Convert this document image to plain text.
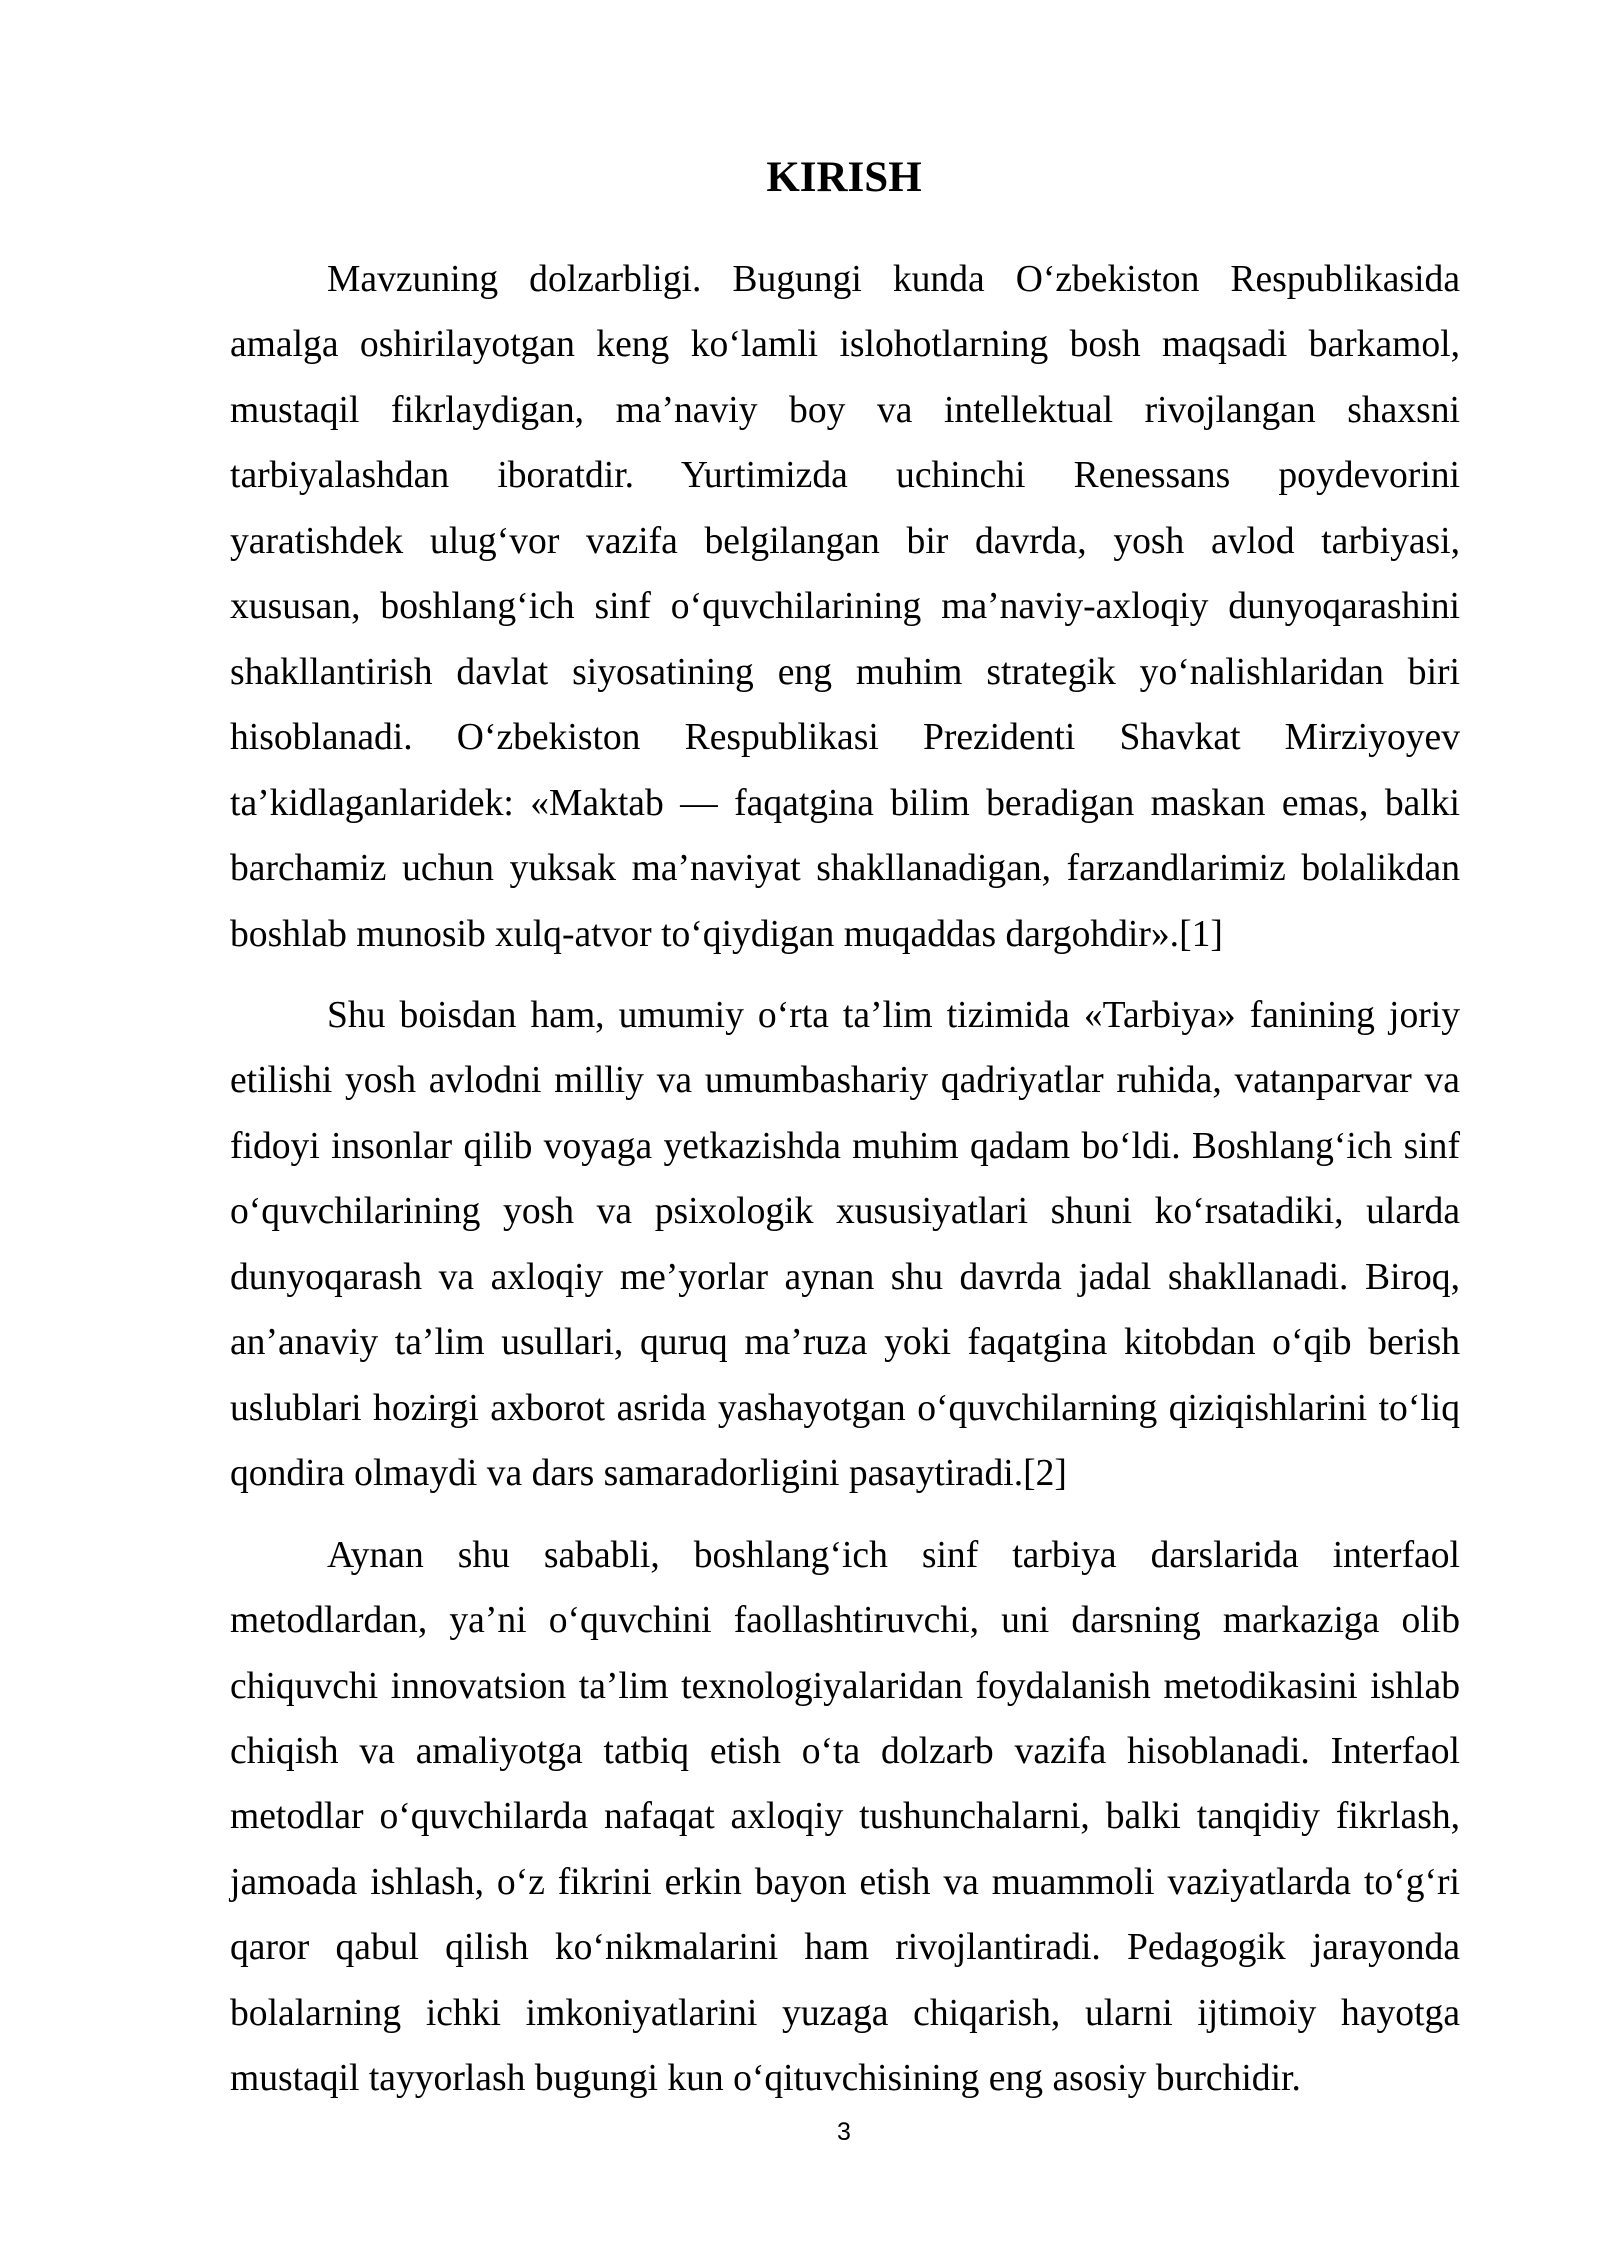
KIRISH
Mavzuning dolzarbligi. Bugungi kunda O‘zbekiston Respublikasida
amalga oshirilayotgan keng ko‘lamli islohotlarning bosh maqsadi barkamol,
mustaqil fikrlaydigan, ma’naviy boy va intellektual rivojlangan shaxsni
tarbiyalashdan iboratdir. Yurtimizda uchinchi Renessans poydevorini
yaratishdek ulug‘vor vazifa belgilangan bir davrda, yosh avlod tarbiyasi,
xususan, boshlang‘ich sinf o‘quvchilarining ma’naviy-axloqiy dunyoqarashini
shakllantirish davlat siyosatining eng muhim strategik yo‘nalishlaridan biri
hisoblanadi. O‘zbekiston Respublikasi Prezidenti Shavkat Mirziyoyev
ta’kidlaganlaridek: «Maktab — faqatgina bilim beradigan maskan emas, balki
barchamiz uchun yuksak ma’naviyat shakllanadigan, farzandlarimiz bolalikdan
boshlab munosib xulq-atvor to‘qiydigan muqaddas dargohdir».[1]
Shu boisdan ham, umumiy o‘rta ta’lim tizimida «Tarbiya» fanining joriy
etilishi yosh avlodni milliy va umumbashariy qadriyatlar ruhida, vatanparvar va
fidoyi insonlar qilib voyaga yetkazishda muhim qadam bo‘ldi. Boshlang‘ich sinf
o‘quvchilarining yosh va psixologik xususiyatlari shuni ko‘rsatadiki, ularda
dunyoqarash va axloqiy me’yorlar aynan shu davrda jadal shakllanadi. Biroq,
an’anaviy ta’lim usullari, quruq ma’ruza yoki faqatgina kitobdan o‘qib berish
uslublari hozirgi axborot asrida yashayotgan o‘quvchilarning qiziqishlarini to‘liq
qondira olmaydi va dars samaradorligini pasaytiradi.[2]
Aynan shu sababli, boshlang‘ich sinf tarbiya darslarida interfaol
metodlardan, ya’ni o‘quvchini faollashtiruvchi, uni darsning markaziga olib
chiquvchi innovatsion ta’lim texnologiyalaridan foydalanish metodikasini ishlab
chiqish va amaliyotga tatbiq etish o‘ta dolzarb vazifa hisoblanadi. Interfaol
metodlar o‘quvchilarda nafaqat axloqiy tushunchalarni, balki tanqidiy fikrlash,
jamoada ishlash, o‘z fikrini erkin bayon etish va muammoli vaziyatlarda to‘g‘ri
qaror qabul qilish ko‘nikmalarini ham rivojlantiradi. Pedagogik jarayonda
bolalarning ichki imkoniyatlarini yuzaga chiqarish, ularni ijtimoiy hayotga
mustaqil tayyorlash bugungi kun o‘qituvchisining eng asosiy burchidir.
3
